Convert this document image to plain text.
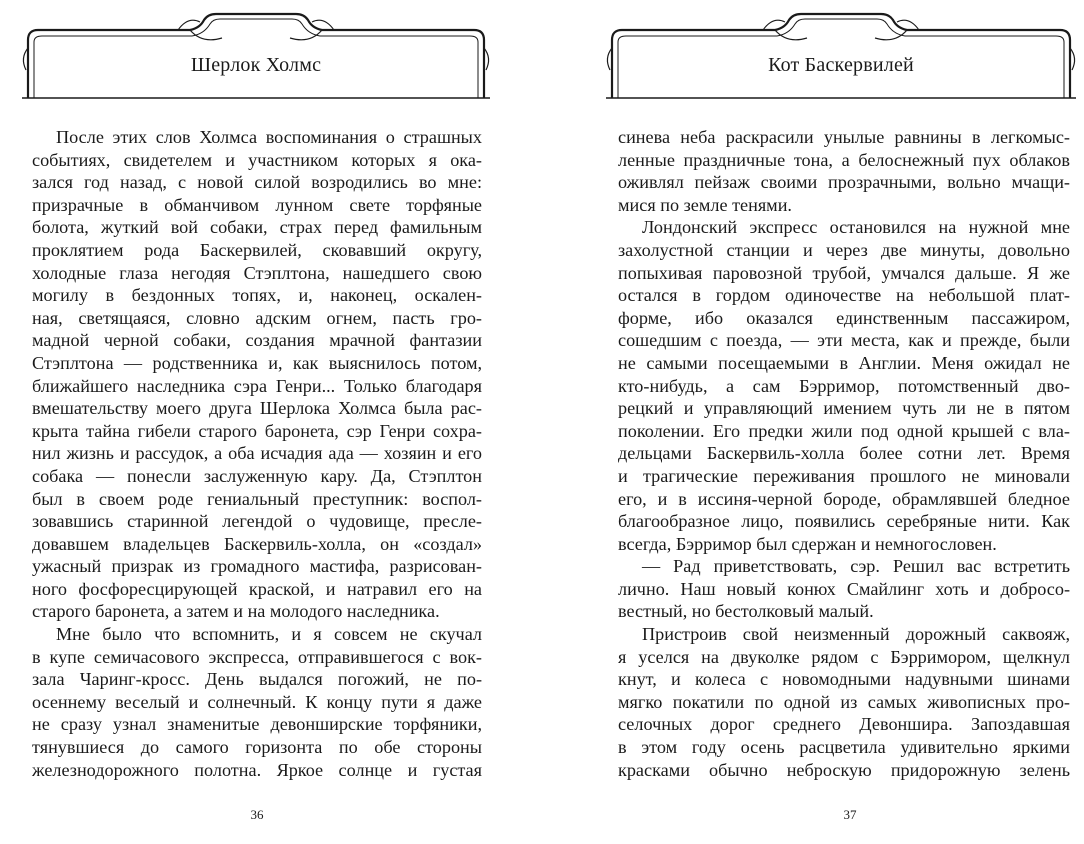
Шерлок Холмс
После этих слов Холмса воспоминания о страшных
событиях, свидетелем и участником которых я ока-
зался год назад, с новой силой возродились во мне:
призрачные в обманчивом лунном свете торфяные
болота, жуткий вой собаки, страх перед фамильным
проклятием рода Баскервилей, сковавший округу,
холодные глаза негодяя Стэплтона, нашедшего свою
могилу в бездонных топях, и, наконец, оскален-
ная, светящаяся, словно адским огнем, пасть гро-
мадной черной собаки, создания мрачной фантазии
Стэплтона — родственника и, как выяснилось потом,
ближайшего наследника сэра Генри... Только благодаря
вмешательству моего друга Шерлока Холмса была рас-
крыта тайна гибели старого баронета, сэр Генри сохра-
нил жизнь и рассудок, а оба исчадия ада — хозяин и его
собака — понесли заслуженную кару. Да, Стэплтон
был в своем роде гениальный преступник: воспол-
зовавшись старинной легендой о чудовище, пресле-
довавшем владельцев Баскервиль-холла, он «создал»
ужасный призрак из громадного мастифа, разрисован-
ного фосфоресцирующей краской, и натравил его на
старого баронета, а затем и на молодого наследника.
Мне было что вспомнить, и я совсем не скучал
в купе семичасового экспресса, отправившегося с вок-
зала Чаринг-кросс. День выдался погожий, не по-
осеннему веселый и солнечный. К концу пути я даже
не сразу узнал знаменитые девонширские торфяники,
тянувшиеся до самого горизонта по обе стороны
железнодорожного полотна. Яркое солнце и густая
36
Кот Баскервилей
синева неба раскрасили унылые равнины в легкомыс-
ленные праздничные тона, а белоснежный пух облаков
оживлял пейзаж своими прозрачными, вольно мчащи-
мися по земле тенями.
Лондонский экспресс остановился на нужной мне
захолустной станции и через две минуты, довольно
попыхивая паровозной трубой, умчался дальше. Я же
остался в гордом одиночестве на небольшой плат-
форме, ибо оказался единственным пассажиром,
сошедшим с поезда, — эти места, как и прежде, были
не самыми посещаемыми в Англии. Меня ожидал не
кто-нибудь, а сам Бэрримор, потомственный дво-
рецкий и управляющий имением чуть ли не в пятом
поколении. Его предки жили под одной крышей с вла-
дельцами Баскервиль-холла более сотни лет. Время
и трагические переживания прошлого не миновали
его, и в иссиня-черной бороде, обрамлявшей бледное
благообразное лицо, появились серебряные нити. Как
всегда, Бэрримор был сдержан и немногословен.
— Рад приветствовать, сэр. Решил вас встретить
лично. Наш новый конюх Смайлинг хоть и добросо-
вестный, но бестолковый малый.
Пристроив свой неизменный дорожный саквояж,
я уселся на двуколке рядом с Бэрримором, щелкнул
кнут, и колеса с новомодными надувными шинами
мягко покатили по одной из самых живописных про-
селочных дорог среднего Девоншира. Запоздавшая
в этом году осень расцветила удивительно яркими
красками обычно неброскую придорожную зелень
37
